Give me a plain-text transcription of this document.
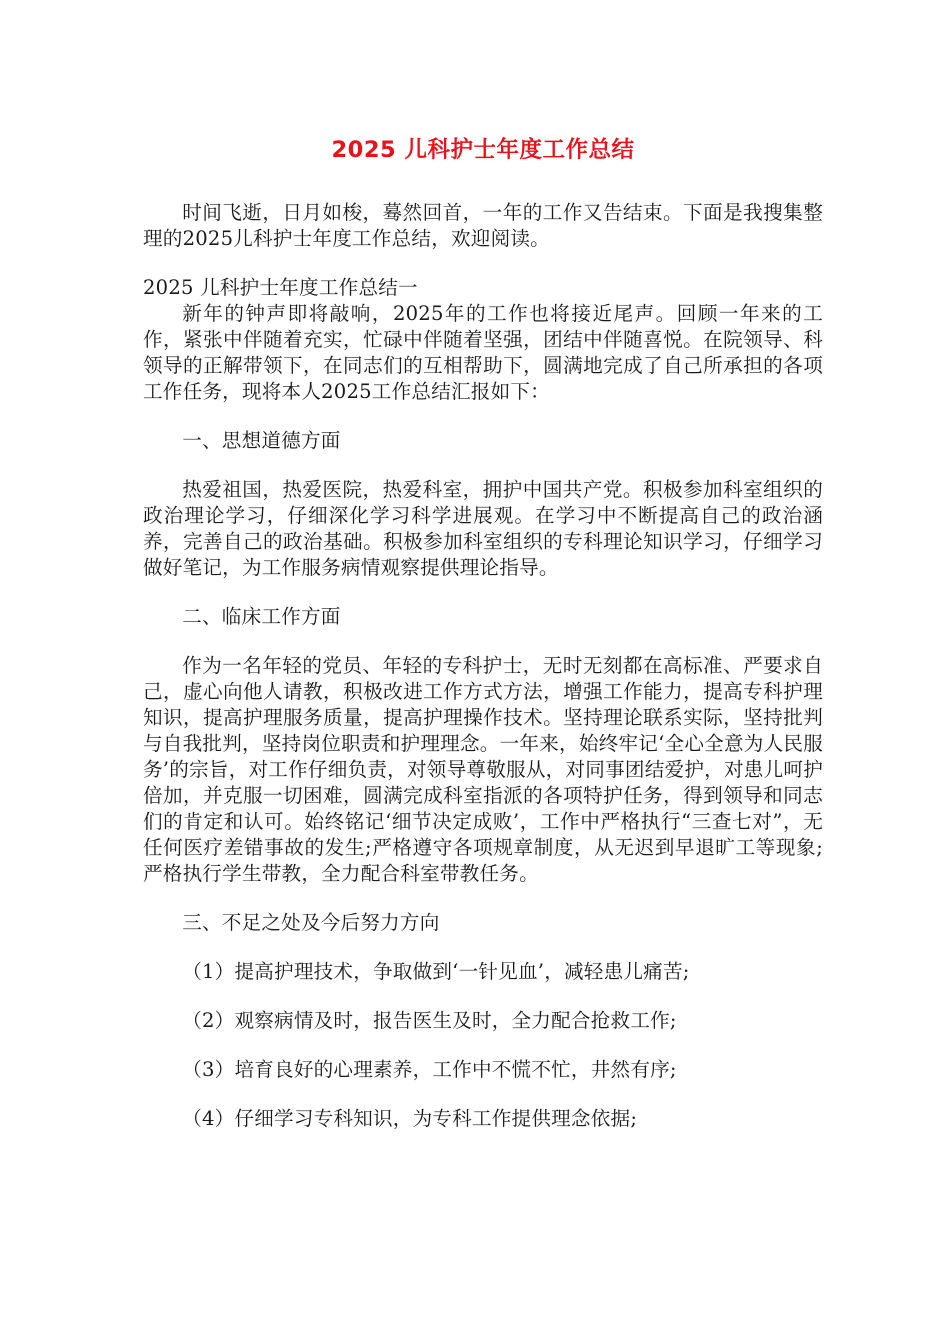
2025 儿科护士年度工作总结

时间飞逝，日月如梭，蓦然回首，一年的工作又告结束。下面是我搜集整理的2025儿科护士年度工作总结，欢迎阅读。

2025 儿科护士年度工作总结一

新年的钟声即将敲响，2025年的工作也将接近尾声。回顾一年来的工作，紧张中伴随着充实，忙碌中伴随着坚强，团结中伴随喜悦。在院领导、科领导的正解带领下，在同志们的互相帮助下，圆满地完成了自己所承担的各项工作任务，现将本人2025工作总结汇报如下：

一、思想道德方面

热爱祖国，热爱医院，热爱科室，拥护中国共产党。积极参加科室组织的政治理论学习，仔细深化学习科学进展观。在学习中不断提高自己的政治涵养，完善自己的政治基础。积极参加科室组织的专科理论知识学习，仔细学习做好笔记，为工作服务病情观察提供理论指导。

二、临床工作方面

作为一名年轻的党员、年轻的专科护士，无时无刻都在高标准、严要求自己，虚心向他人请教，积极改进工作方式方法，增强工作能力，提高专科护理知识，提高护理服务质量，提高护理操作技术。坚持理论联系实际，坚持批判与自我批判，坚持岗位职责和护理理念。一年来，始终牢记‘全心全意为人民服务’的宗旨，对工作仔细负责，对领导尊敬服从，对同事团结爱护，对患儿呵护倍加，并克服一切困难，圆满完成科室指派的各项特护任务，得到领导和同志们的肯定和认可。始终铭记‘细节决定成败’，工作中严格执行“三查七对”，无任何医疗差错事故的发生;严格遵守各项规章制度，从无迟到早退旷工等现象;严格执行学生带教，全力配合科室带教任务。

三、不足之处及今后努力方向

（1）提高护理技术，争取做到‘一针见血’，减轻患儿痛苦;

（2）观察病情及时，报告医生及时，全力配合抢救工作;

（3）培育良好的心理素养，工作中不慌不忙，井然有序;

（4）仔细学习专科知识，为专科工作提供理念依据;
